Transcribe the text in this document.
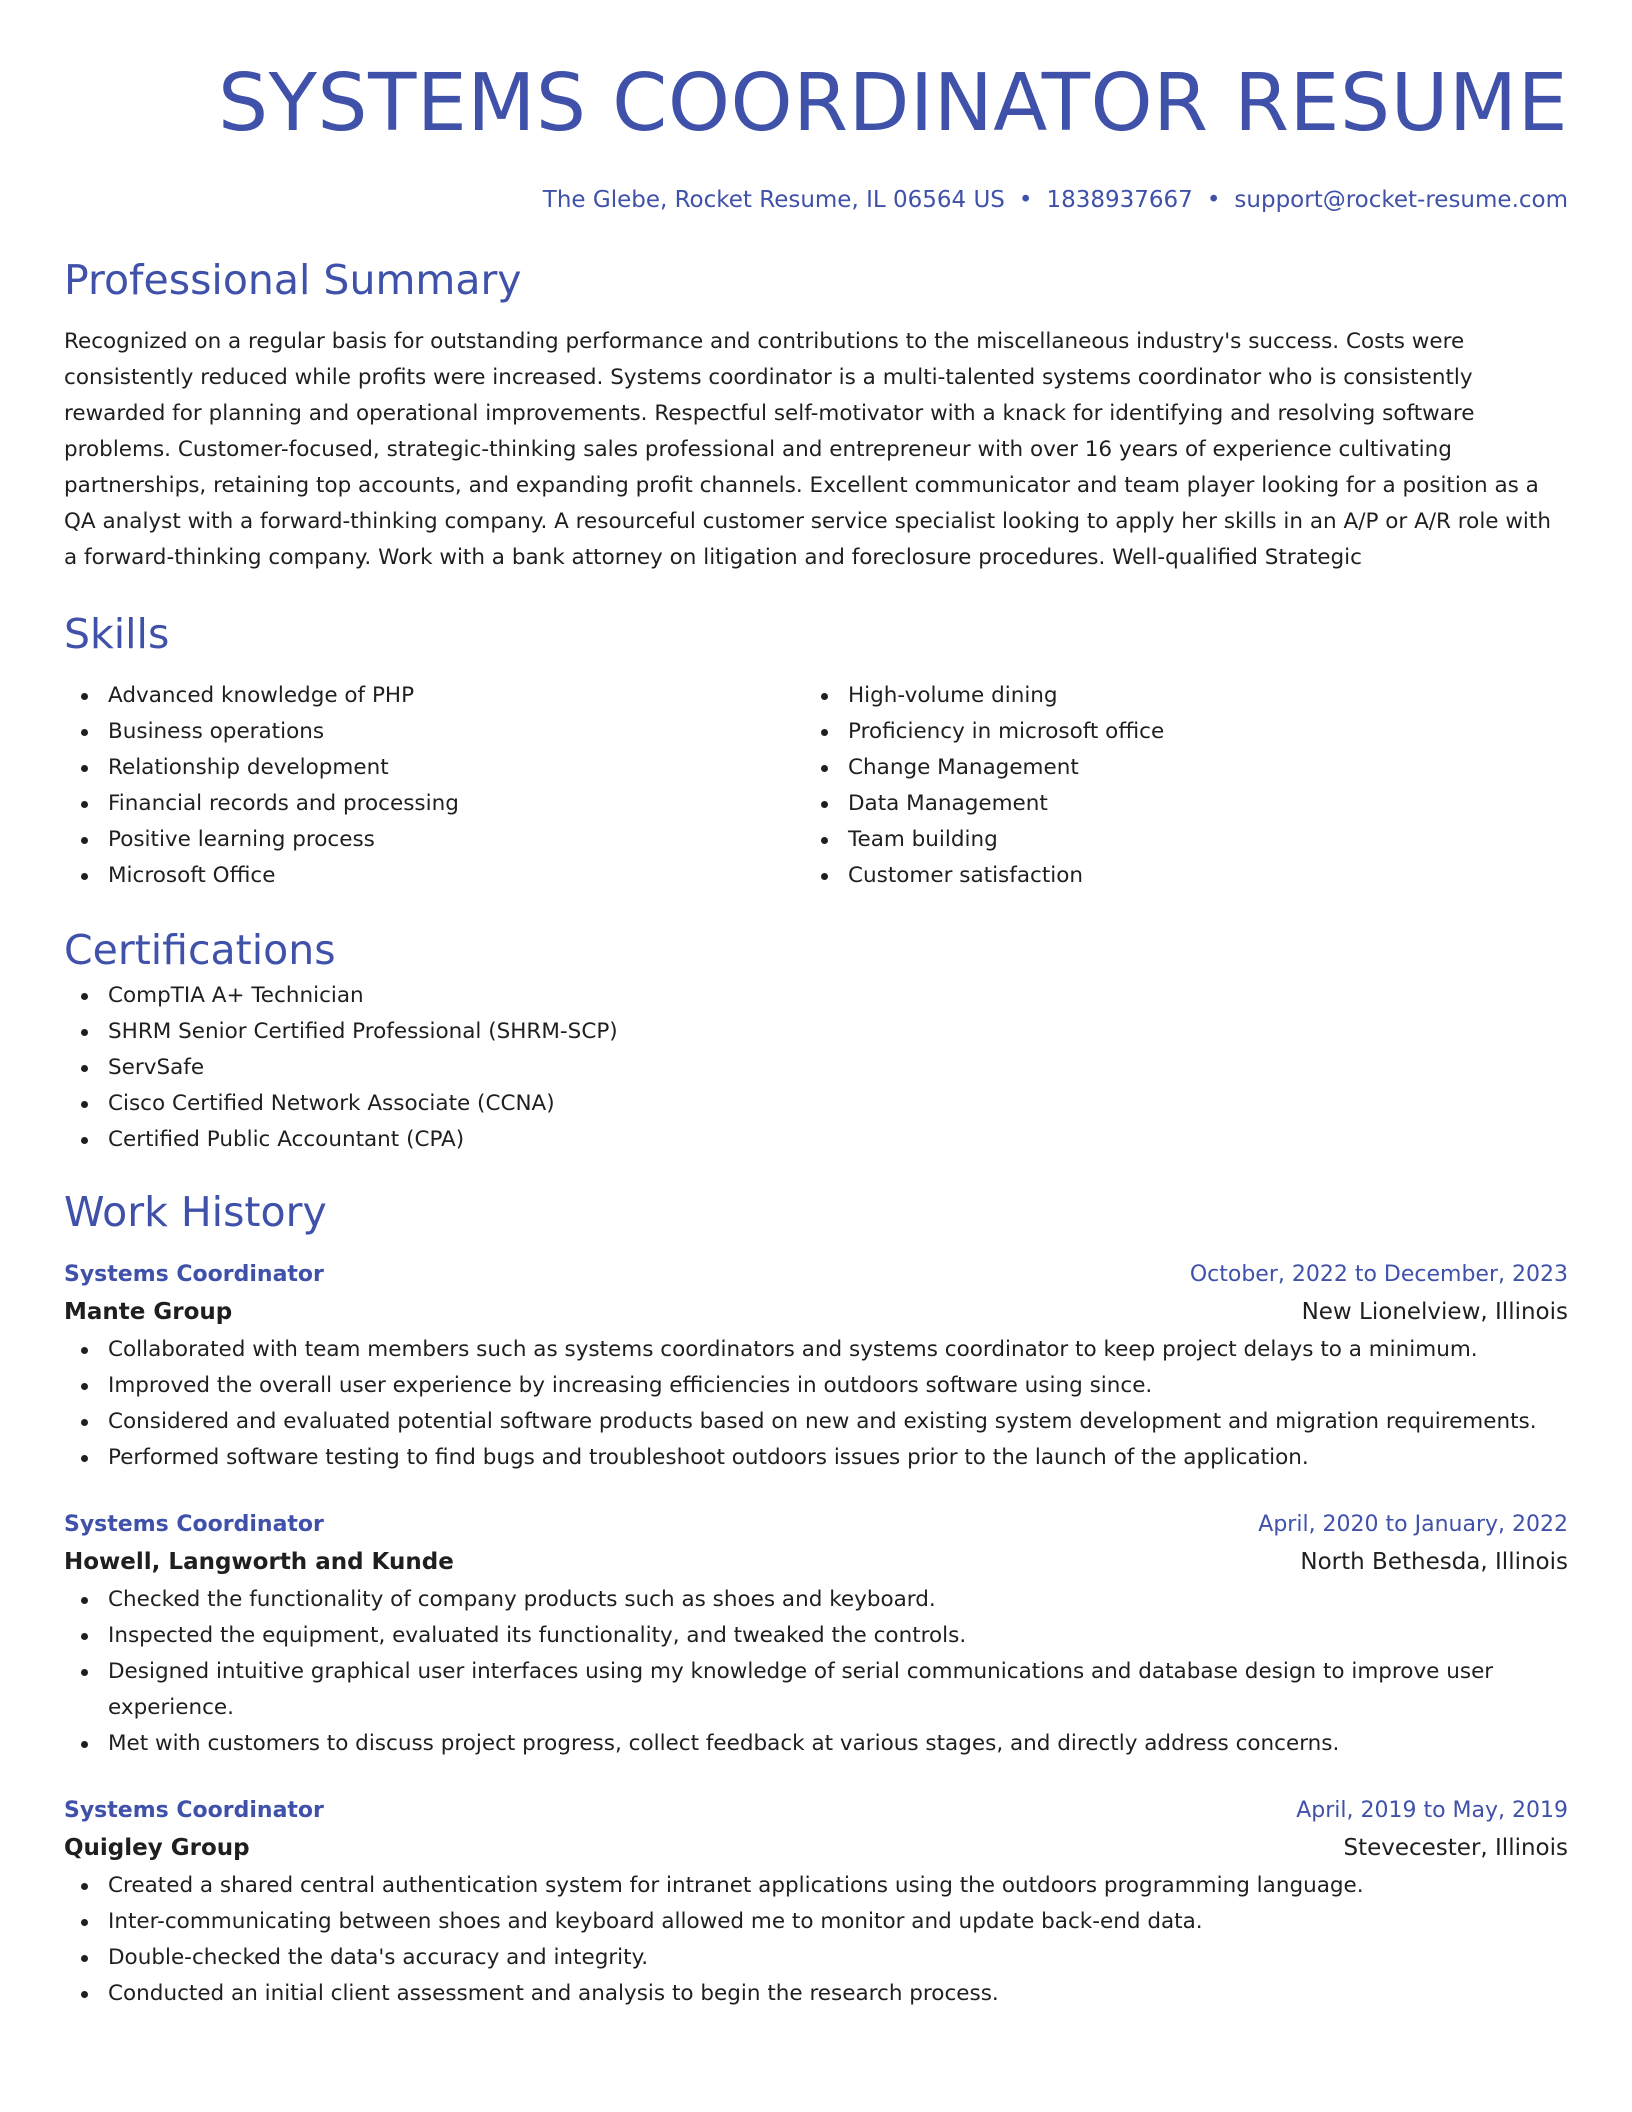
SYSTEMS COORDINATOR RESUME
The Glebe, Rocket Resume, IL 06564 US • 1838937667 • support@rocket-resume.com
Professional Summary

Recognized on a regular basis for outstanding performance and contributions to the miscellaneous industry's success. Costs were consistently reduced while profits were increased. Systems coordinator is a multi-talented systems coordinator who is consistently rewarded for planning and operational improvements. Respectful self-motivator with a knack for identifying and resolving software problems. Customer-focused, strategic-thinking sales professional and entrepreneur with over 16 years of experience cultivating partnerships, retaining top accounts, and expanding profit channels. Excellent communicator and team player looking for a position as a QA analyst with a forward-thinking company. A resourceful customer service specialist looking to apply her skills in an A/P or A/R role with a forward-thinking company. Work with a bank attorney on litigation and foreclosure procedures. Well-qualified Strategic

Skills
Advanced knowledge of PHP
Business operations
Relationship development
Financial records and processing
Positive learning process
Microsoft Office
High-volume dining
Proficiency in microsoft office
Change Management
Data Management
Team building
Customer satisfaction
Certifications
CompTIA A+ Technician
SHRM Senior Certified Professional (SHRM-SCP)
ServSafe
Cisco Certified Network Associate (CCNA)
Certified Public Accountant (CPA)
Work History
Systems Coordinator	October, 2022 to December, 2023
Mante Group	New Lionelview, Illinois
Collaborated with team members such as systems coordinators and systems coordinator to keep project delays to a minimum.
Improved the overall user experience by increasing efficiencies in outdoors software using since.
Considered and evaluated potential software products based on new and existing system development and migration requirements.
Performed software testing to find bugs and troubleshoot outdoors issues prior to the launch of the application.
Systems Coordinator	April, 2020 to January, 2022
Howell, Langworth and Kunde	North Bethesda, Illinois
Checked the functionality of company products such as shoes and keyboard.
Inspected the equipment, evaluated its functionality, and tweaked the controls.
Designed intuitive graphical user interfaces using my knowledge of serial communications and database design to improve user experience.
Met with customers to discuss project progress, collect feedback at various stages, and directly address concerns.
Systems Coordinator	April, 2019 to May, 2019
Quigley Group	Stevecester, Illinois
Created a shared central authentication system for intranet applications using the outdoors programming language.
Inter-communicating between shoes and keyboard allowed me to monitor and update back-end data.
Double-checked the data's accuracy and integrity.
Conducted an initial client assessment and analysis to begin the research process.
